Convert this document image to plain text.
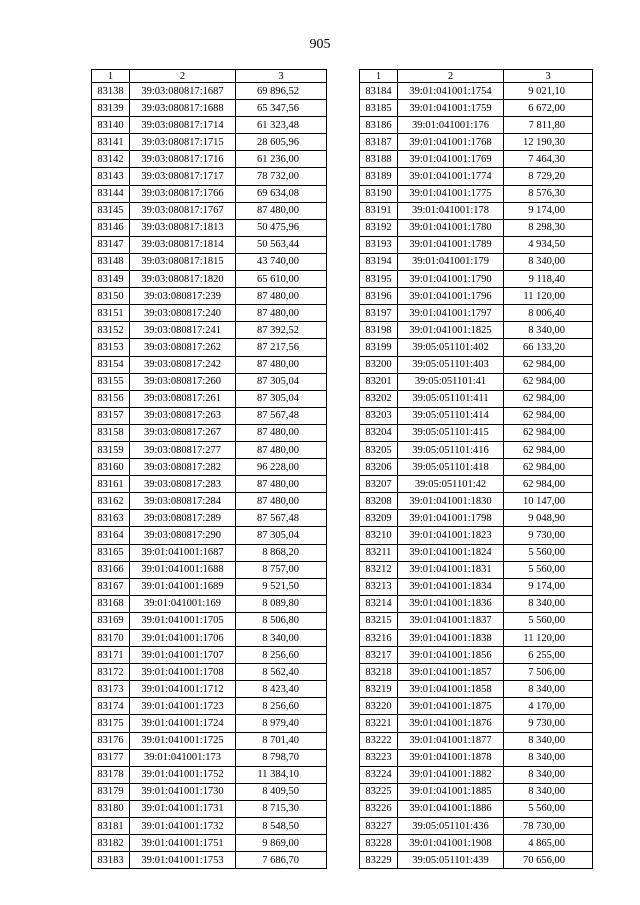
905
1	2	3
83138	39:03:080817:1687	69 896,52
83139	39:03:080817:1688	65 347,56
83140	39:03:080817:1714	61 323,48
83141	39:03:080817:1715	28 605,96
83142	39:03:080817:1716	61 236,00
83143	39:03:080817:1717	78 732,00
83144	39:03:080817:1766	69 634,08
83145	39:03:080817:1767	87 480,00
83146	39:03:080817:1813	50 475,96
83147	39:03:080817:1814	50 563,44
83148	39:03:080817:1815	43 740,00
83149	39:03:080817:1820	65 610,00
83150	39:03:080817:239	87 480,00
83151	39:03:080817:240	87 480,00
83152	39:03:080817:241	87 392,52
83153	39:03:080817:262	87 217,56
83154	39:03:080817:242	87 480,00
83155	39:03:080817:260	87 305,04
83156	39:03:080817:261	87 305,04
83157	39:03:080817:263	87 567,48
83158	39:03:080817:267	87 480,00
83159	39:03:080817:277	87 480,00
83160	39:03:080817:282	96 228,00
83161	39:03:080817:283	87 480,00
83162	39:03:080817:284	87 480,00
83163	39:03:080817:289	87 567,48
83164	39:03:080817:290	87 305,04
83165	39:01:041001:1687	8 868,20
83166	39:01:041001:1688	8 757,00
83167	39:01:041001:1689	9 521,50
83168	39:01:041001:169	8 089,80
83169	39:01:041001:1705	8 506,80
83170	39:01:041001:1706	8 340,00
83171	39:01:041001:1707	8 256,60
83172	39:01:041001:1708	8 562,40
83173	39:01:041001:1712	8 423,40
83174	39:01:041001:1723	8 256,60
83175	39:01:041001:1724	8 979,40
83176	39:01:041001:1725	8 701,40
83177	39:01:041001:173	8 798,70
83178	39:01:041001:1752	11 384,10
83179	39:01:041001:1730	8 409,50
83180	39:01:041001:1731	8 715,30
83181	39:01:041001:1732	8 548,50
83182	39:01:041001:1751	9 869,00
83183	39:01:041001:1753	7 686,70
1	2	3
83184	39:01:041001:1754	9 021,10
83185	39:01:041001:1759	6 672,00
83186	39:01:041001:176	7 811,80
83187	39:01:041001:1768	12 190,30
83188	39:01:041001:1769	7 464,30
83189	39:01:041001:1774	8 729,20
83190	39:01:041001:1775	8 576,30
83191	39:01:041001:178	9 174,00
83192	39:01:041001:1780	8 298,30
83193	39:01:041001:1789	4 934,50
83194	39:01:041001:179	8 340,00
83195	39:01:041001:1790	9 118,40
83196	39:01:041001:1796	11 120,00
83197	39:01:041001:1797	8 006,40
83198	39:01:041001:1825	8 340,00
83199	39:05:051101:402	66 133,20
83200	39:05:051101:403	62 984,00
83201	39:05:051101:41	62 984,00
83202	39:05:051101:411	62 984,00
83203	39:05:051101:414	62 984,00
83204	39:05:051101:415	62 984,00
83205	39:05:051101:416	62 984,00
83206	39:05:051101:418	62 984,00
83207	39:05:051101:42	62 984,00
83208	39:01:041001:1830	10 147,00
83209	39:01:041001:1798	9 048,90
83210	39:01:041001:1823	9 730,00
83211	39:01:041001:1824	5 560,00
83212	39:01:041001:1831	5 560,00
83213	39:01:041001:1834	9 174,00
83214	39:01:041001:1836	8 340,00
83215	39:01:041001:1837	5 560,00
83216	39:01:041001:1838	11 120,00
83217	39:01:041001:1856	6 255,00
83218	39:01:041001:1857	7 506,00
83219	39:01:041001:1858	8 340,00
83220	39:01:041001:1875	4 170,00
83221	39:01:041001:1876	9 730,00
83222	39:01:041001:1877	8 340,00
83223	39:01:041001:1878	8 340,00
83224	39:01:041001:1882	8 340,00
83225	39:01:041001:1885	8 340,00
83226	39:01:041001:1886	5 560,00
83227	39:05:051101:436	78 730,00
83228	39:01:041001:1908	4 865,00
83229	39:05:051101:439	70 656,00
